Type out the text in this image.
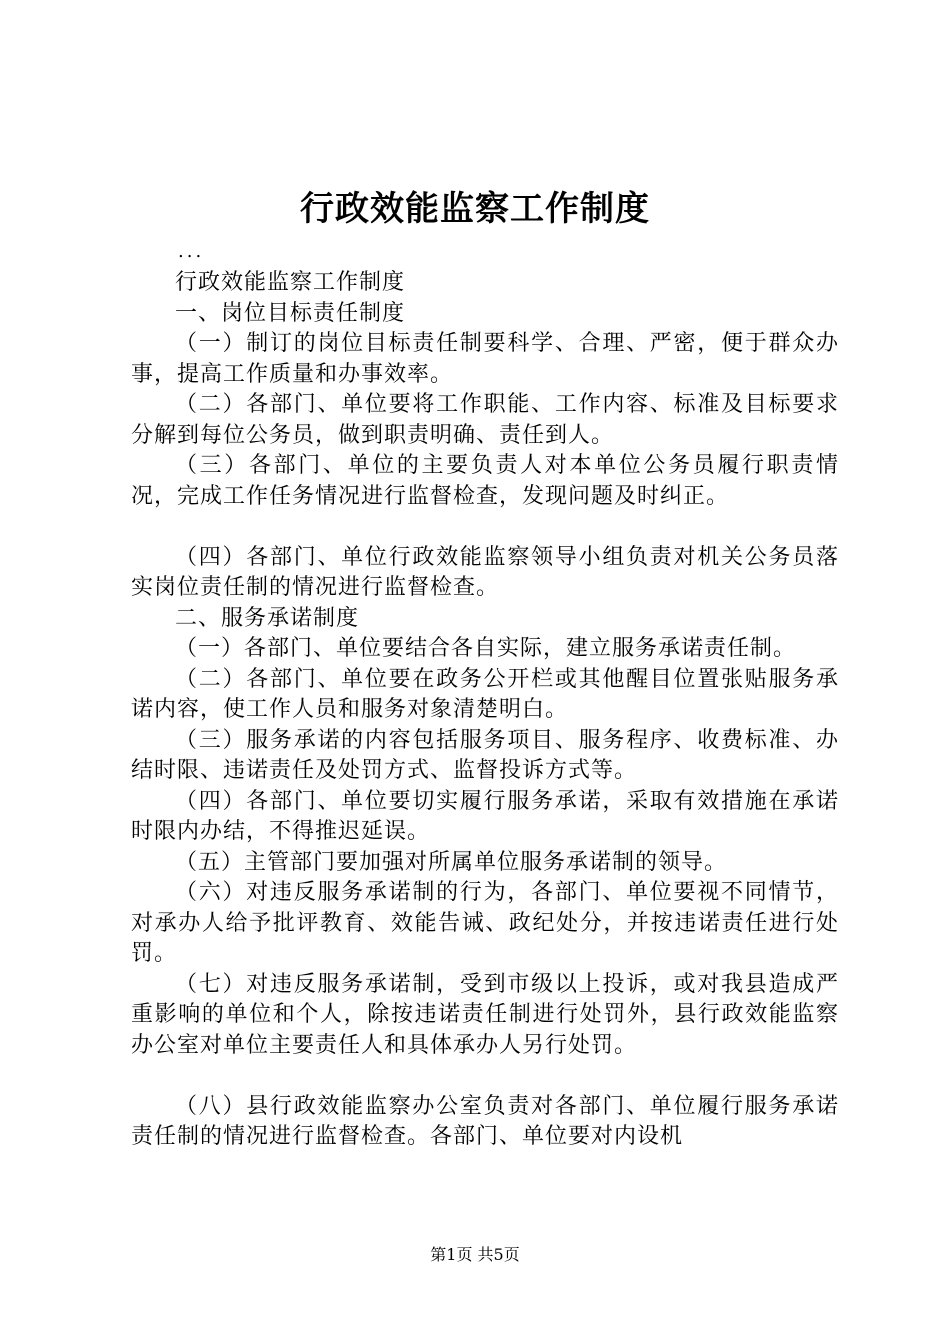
行政效能监察工作制度
...

行政效能监察工作制度

一、岗位目标责任制度

（一）制订的岗位目标责任制要科学、合理、严密，便于群众办事，提高工作质量和办事效率。

（二）各部门、单位要将工作职能、工作内容、标准及目标要求分解到每位公务员，做到职责明确、责任到人。

（三）各部门、单位的主要负责人对本单位公务员履行职责情况，完成工作任务情况进行监督检查，发现问题及时纠正。

（四）各部门、单位行政效能监察领导小组负责对机关公务员落实岗位责任制的情况进行监督检查。

二、服务承诺制度

（一）各部门、单位要结合各自实际，建立服务承诺责任制。

（二）各部门、单位要在政务公开栏或其他醒目位置张贴服务承诺内容，使工作人员和服务对象清楚明白。

（三）服务承诺的内容包括服务项目、服务程序、收费标准、办结时限、违诺责任及处罚方式、监督投诉方式等。

（四）各部门、单位要切实履行服务承诺，采取有效措施在承诺时限内办结，不得推迟延误。

（五）主管部门要加强对所属单位服务承诺制的领导。

（六）对违反服务承诺制的行为，各部门、单位要视不同情节，对承办人给予批评教育、效能告诫、政纪处分，并按违诺责任进行处罚。

（七）对违反服务承诺制，受到市级以上投诉，或对我县造成严重影响的单位和个人，除按违诺责任制进行处罚外，县行政效能监察办公室对单位主要责任人和具体承办人另行处罚。

（八）县行政效能监察办公室负责对各部门、单位履行服务承诺责任制的情况进行监督检查。各部门、单位要对内设机

第1页 共5页
